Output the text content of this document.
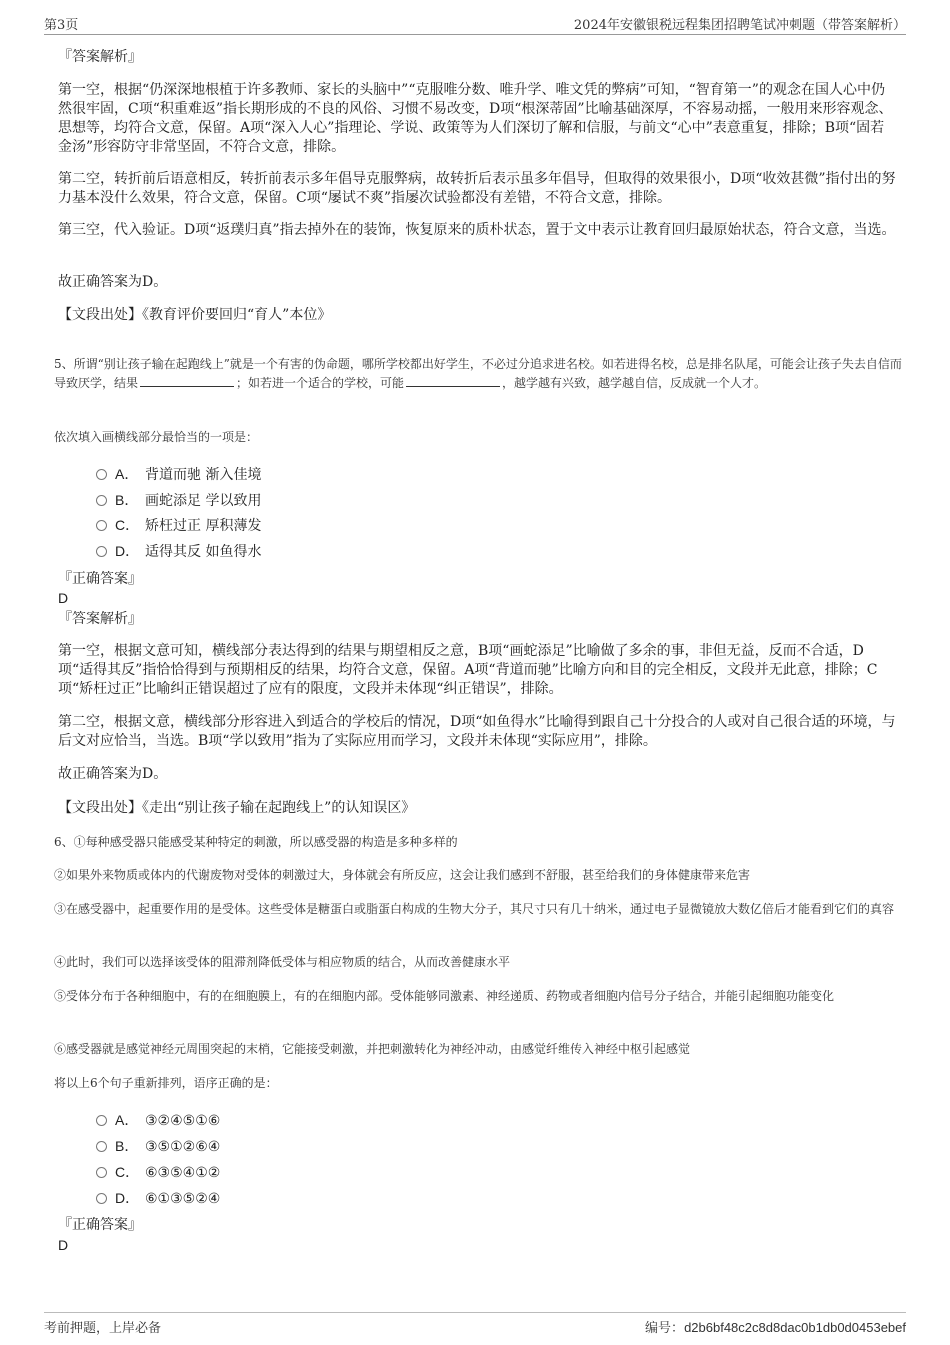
第3页	2024年安徽银税远程集团招聘笔试冲刺题（带答案解析）
『答案解析』
第一空，根据“仍深深地根植于许多教师、家长的头脑中”“克服唯分数、唯升学、唯文凭的弊病”可知，“智育第一”的观念在国人心中仍然很牢固，C项“积重难返”指长期形成的不良的风俗、习惯不易改变，D项“根深蒂固”比喻基础深厚，不容易动摇，一般用来形容观念、思想等，均符合文意，保留。A项“深入人心”指理论、学说、政策等为人们深切了解和信服，与前文“心中”表意重复，排除；B项“固若金汤”形容防守非常坚固，不符合文意，排除。
第二空，转折前后语意相反，转折前表示多年倡导克服弊病，故转折后表示虽多年倡导，但取得的效果很小，D项“收效甚微”指付出的努力基本没什么效果，符合文意，保留。C项“屡试不爽”指屡次试验都没有差错，不符合文意，排除。
第三空，代入验证。D项“返璞归真”指去掉外在的装饰，恢复原来的质朴状态，置于文中表示让教育回归最原始状态，符合文意，当选。
故正确答案为D。
【文段出处】《教育评价要回归“育人”本位》
5、所谓“别让孩子输在起跑线上”就是一个有害的伪命题，哪所学校都出好学生，不必过分追求进名校。如若进得名校，总是排名队尾，可能会让孩子失去自信而导致厌学，结果	；如若进一个适合的学校，可能	，越学越有兴致，越学越自信，反成就一个人才。
依次填入画横线部分最恰当的一项是：
A． 背道而驰 渐入佳境
B． 画蛇添足 学以致用
C． 矫枉过正 厚积薄发
D． 适得其反 如鱼得水
『正确答案』
D
『答案解析』
第一空，根据文意可知，横线部分表达得到的结果与期望相反之意，B项“画蛇添足”比喻做了多余的事，非但无益，反而不合适，D项“适得其反”指恰恰得到与预期相反的结果，均符合文意，保留。A项“背道而驰”比喻方向和目的完全相反，文段并无此意，排除；C项“矫枉过正”比喻纠正错误超过了应有的限度，文段并未体现“纠正错误”，排除。
第二空，根据文意，横线部分形容进入到适合的学校后的情况，D项“如鱼得水”比喻得到跟自己十分投合的人或对自己很合适的环境，与后文对应恰当，当选。B项“学以致用”指为了实际应用而学习，文段并未体现“实际应用”，排除。
故正确答案为D。
【文段出处】《走出“别让孩子输在起跑线上”的认知误区》
6、①每种感受器只能感受某种特定的刺激，所以感受器的构造是多种多样的
②如果外来物质或体内的代谢废物对受体的刺激过大，身体就会有所反应，这会让我们感到不舒服，甚至给我们的身体健康带来危害
③在感受器中，起重要作用的是受体。这些受体是糖蛋白或脂蛋白构成的生物大分子，其尺寸只有几十纳米，通过电子显微镜放大数亿倍后才能看到它们的真容
④此时，我们可以选择该受体的阻滞剂降低受体与相应物质的结合，从而改善健康水平
⑤受体分布于各种细胞中，有的在细胞膜上，有的在细胞内部。受体能够同激素、神经递质、药物或者细胞内信号分子结合，并能引起细胞功能变化
⑥感受器就是感觉神经元周围突起的末梢，它能接受刺激，并把刺激转化为神经冲动，由感觉纤维传入神经中枢引起感觉
将以上6个句子重新排列，语序正确的是：
A． ③②④⑤①⑥
B． ③⑤①②⑥④
C． ⑥③⑤④①②
D． ⑥①③⑤②④
『正确答案』
D
考前押题，上岸必备	编号：d2b6bf48c2c8d8dac0b1db0d0453ebef
